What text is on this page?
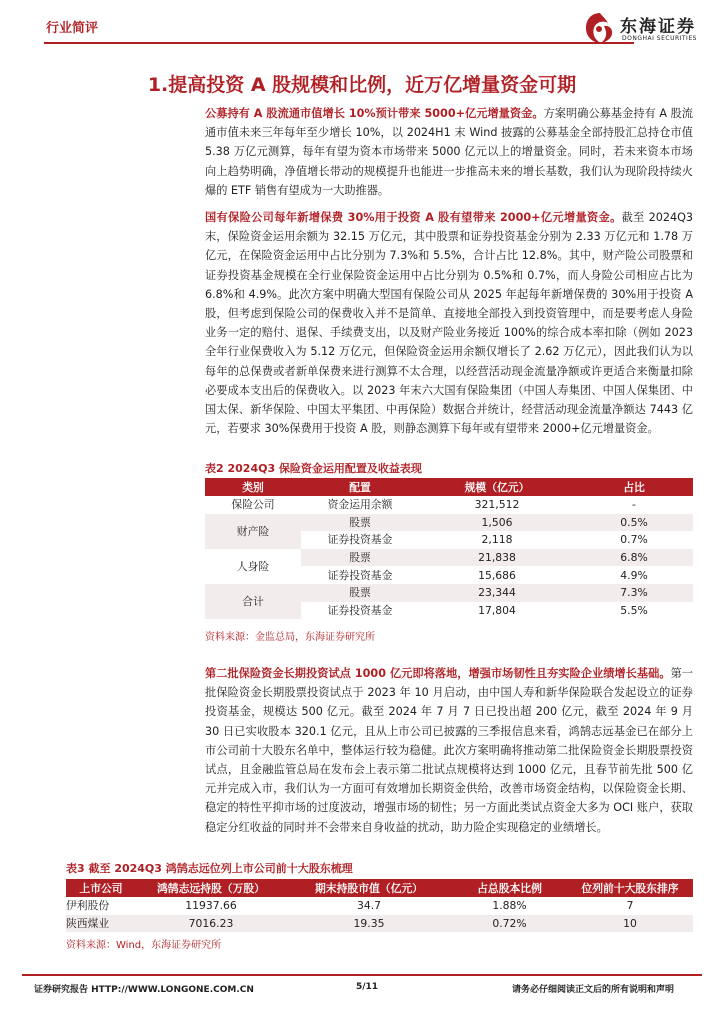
行业简评	东海证券
DONGHAI SECURITIES
1.提高投资 A 股规模和比例，近万亿增量资金可期
公募持有 A 股流通市值增长 10%预计带来 5000+亿元增量资金。方案明确公募基金持有 A 股流通市值未来三年每年至少增长 10%，以 2024H1 末 Wind 披露的公募基金全部持股汇总持仓市值 5.38 万亿元测算，每年有望为资本市场带来 5000 亿元以上的增量资金。同时，若未来资本市场向上趋势明确，净值增长带动的规模提升也能进一步推高未来的增长基数，我们认为现阶段持续火爆的 ETF 销售有望成为一大助推器。
国有保险公司每年新增保费 30%用于投资 A 股有望带来 2000+亿元增量资金。截至 2024Q3 末，保险资金运用余额为 32.15 万亿元，其中股票和证券投资基金分别为 2.33 万亿元和 1.78 万亿元，在保险资金运用中占比分别为 7.3%和 5.5%，合计占比 12.8%。其中，财产险公司股票和证券投资基金规模在全行业保险资金运用中占比分别为 0.5%和 0.7%，而人身险公司相应占比为 6.8%和 4.9%。此次方案中明确大型国有保险公司从 2025 年起每年新增保费的 30%用于投资 A 股，但考虑到保险公司的保费收入并不是简单、直接地全部投入到投资管理中，而是要考虑人身险业务一定的赔付、退保、手续费支出，以及财产险业务接近 100%的综合成本率扣除（例如 2023 全年行业保费收入为 5.12 万亿元，但保险资金运用余额仅增长了 2.62 万亿元），因此我们认为以每年的总保费或者新单保费来进行测算不太合理，以经营活动现金流量净额或许更适合来衡量扣除必要成本支出后的保费收入。以 2023 年末六大国有保险集团（中国人寿集团、中国人保集团、中国太保、新华保险、中国太平集团、中再保险）数据合并统计，经营活动现金流量净额达 7443 亿元，若要求 30%保费用于投资 A 股，则静态测算下每年或有望带来 2000+亿元增量资金。
表2 2024Q3 保险资金运用配置及收益表现
类别	配置	规模（亿元）	占比
保险公司	资金运用余额	321,512	-
财产险	股票	1,506	0.5%
	证券投资基金	2,118	0.7%
人身险	股票	21,838	6.8%
	证券投资基金	15,686	4.9%
合计	股票	23,344	7.3%
	证券投资基金	17,804	5.5%
资料来源：金监总局，东海证券研究所
第二批保险资金长期投资试点 1000 亿元即将落地，增强市场韧性且夯实险企业绩增长基础。第一批保险资金长期股票投资试点于 2023 年 10 月启动，由中国人寿和新华保险联合发起设立的证券投资基金，规模达 500 亿元。截至 2024 年 7 月 7 日已投出超 200 亿元，截至 2024 年 9 月 30 日已实收股本 320.1 亿元，且从上市公司已披露的三季报信息来看，鸿鹄志远基金已在部分上市公司前十大股东名单中，整体运行较为稳健。此次方案明确将推动第二批保险资金长期股票投资试点，且金融监管总局在发布会上表示第二批试点规模将达到 1000 亿元，且春节前先批 500 亿元并完成入市，我们认为一方面可有效增加长期资金供给，改善市场资金结构，以保险资金长期、稳定的特性平抑市场的过度波动，增强市场的韧性；另一方面此类试点资金大多为 OCI 账户，获取稳定分红收益的同时并不会带来自身收益的扰动，助力险企实现稳定的业绩增长。
表3 截至 2024Q3 鸿鹄志远位列上市公司前十大股东梳理
上市公司	鸿鹄志远持股（万股）	期末持股市值（亿元）	占总股本比例	位列前十大股东排序
伊利股份	11937.66	34.7	1.88%	7
陕西煤业	7016.23	19.35	0.72%	10
资料来源：Wind，东海证券研究所
证券研究报告 HTTP://WWW.LONGONE.COM.CN	5/11	请务必仔细阅读正文后的所有说明和声明
